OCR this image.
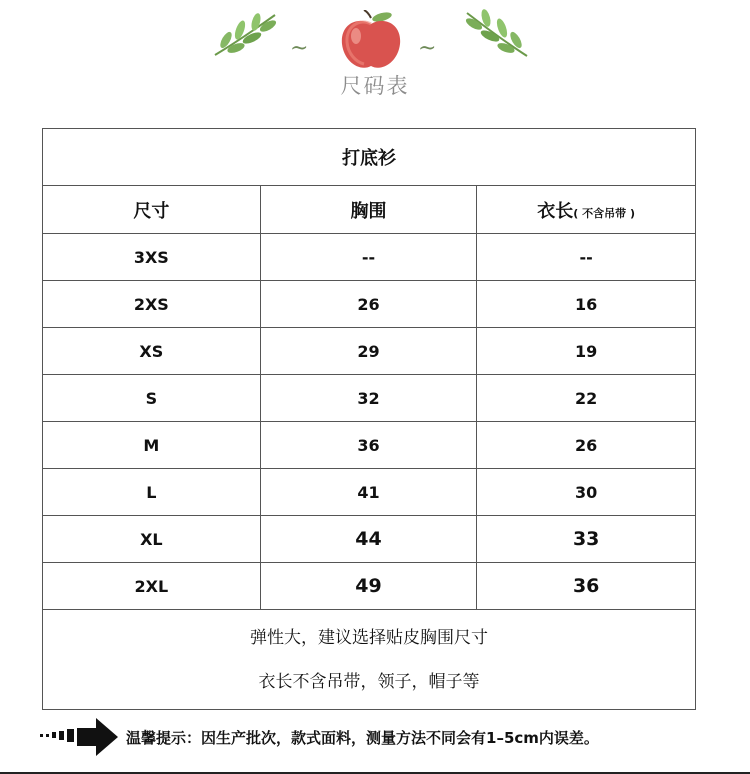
~	~
尺码表
打底衫		
尺寸	胸围	衣长( 不含吊带 )
3XS	--	--
2XS	26	16
XS	29	19
S	32	22
M	36	26
L	41	30
XL	44	33
2XL	49	36

弹性大，建议选择贴皮胸围尺寸
衣长不含吊带，领子，帽子等		
温馨提示：因生产批次，款式面料，测量方法不同会有1–5cm内误差。
